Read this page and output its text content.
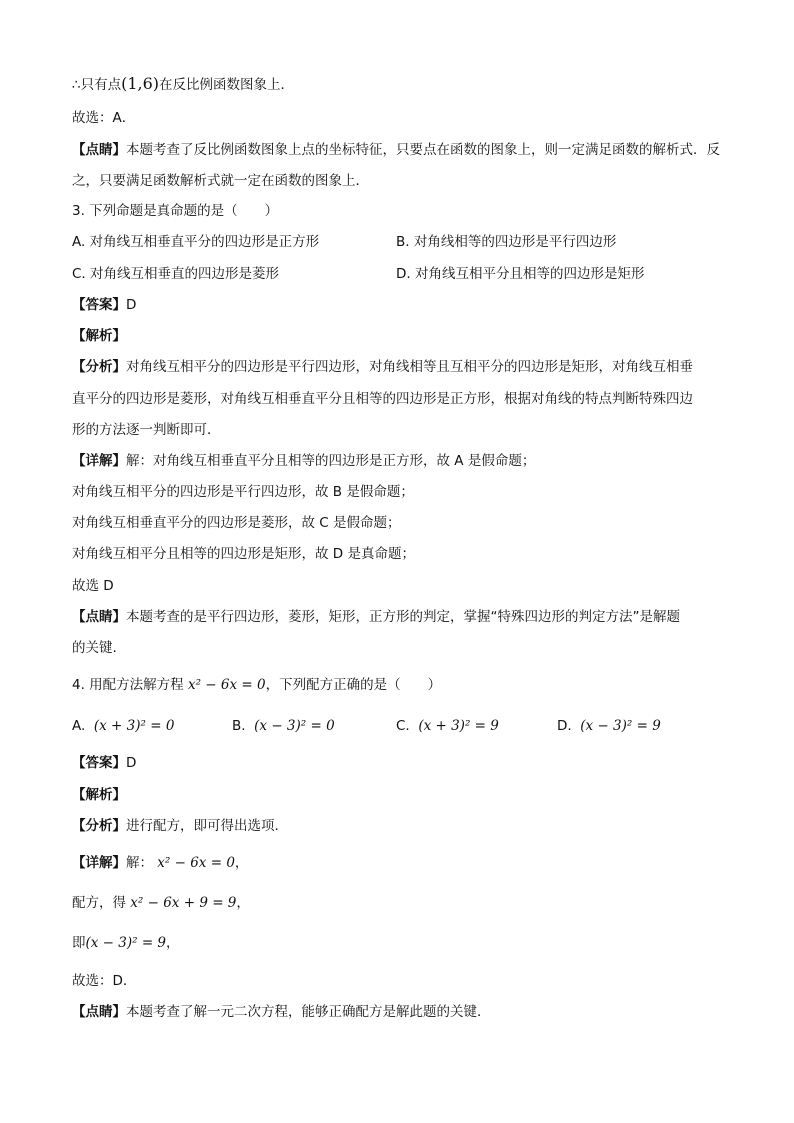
∴只有点(1,6)在反比例函数图象上．
故选：A．
【点睛】本题考查了反比例函数图象上点的坐标特征，只要点在函数的图象上，则一定满足函数的解析式．反
之，只要满足函数解析式就一定在函数的图象上．
3. 下列命题是真命题的是（　　）
A. 对角线互相垂直平分的四边形是正方形	B. 对角线相等的四边形是平行四边形
C. 对角线互相垂直的四边形是菱形	D. 对角线互相平分且相等的四边形是矩形
【答案】D
【解析】
【分析】对角线互相平分的四边形是平行四边形，对角线相等且互相平分的四边形是矩形，对角线互相垂
直平分的四边形是菱形，对角线互相垂直平分且相等的四边形是正方形，根据对角线的特点判断特殊四边
形的方法逐一判断即可．
【详解】解：对角线互相垂直平分且相等的四边形是正方形，故 A 是假命题；
对角线互相平分的四边形是平行四边形，故 B 是假命题；
对角线互相垂直平分的四边形是菱形，故 C 是假命题；
对角线互相平分且相等的四边形是矩形，故 D 是真命题；
故选 D
【点睛】本题考查的是平行四边形，菱形，矩形，正方形的判定，掌握“特殊四边形的判定方法”是解题
的关键.
4. 用配方法解方程 x² − 6x = 0，下列配方正确的是（　　）
A. (x + 3)² = 0	B. (x − 3)² = 0	C. (x + 3)² = 9	D. (x − 3)² = 9
【答案】D
【解析】
【分析】进行配方，即可得出选项．
【详解】解： x² − 6x = 0，
配方，得 x² − 6x + 9 = 9，
即(x − 3)² = 9，
故选：D．
【点睛】本题考查了解一元二次方程，能够正确配方是解此题的关键．
